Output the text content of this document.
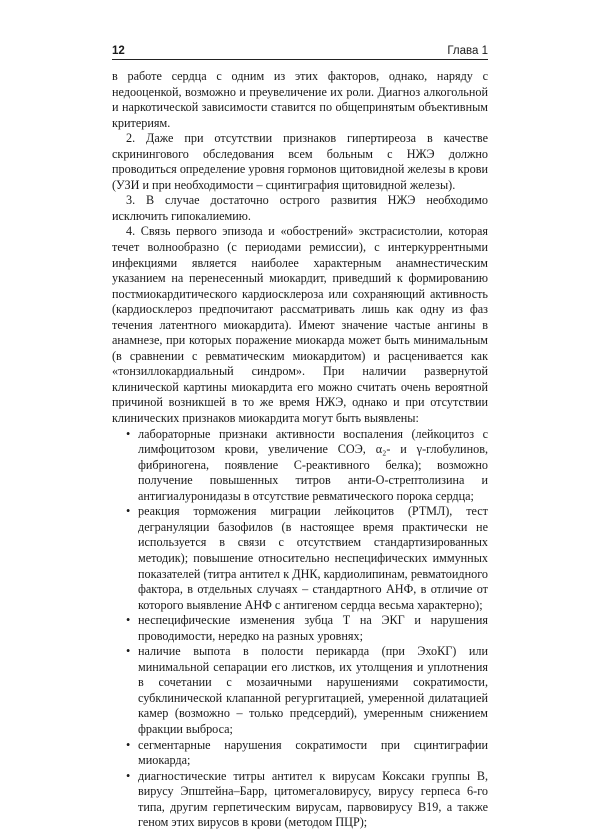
12	Глава 1

в работе сердца с одним из этих факторов, однако, наряду с недооценкой, возможно и преувеличение их роли. Диагноз алкогольной и наркотической зависимости ставится по общепринятым объективным критериям.

2. Даже при отсутствии признаков гипертиреоза в качестве скринингового обследования всем больным с НЖЭ должно проводиться определение уровня гормонов щитовидной железы в крови (УЗИ и при необходимости – сцинтиграфия щитовидной железы).

3. В случае достаточно острого развития НЖЭ необходимо исключить гипокалиемию.

4. Связь первого эпизода и «обострений» экстрасистолии, которая течет волнообразно (с периодами ремиссии), с интеркуррентными инфекциями является наиболее характерным анамнестическим указанием на перенесенный миокардит, приведший к формированию постмиокардитического кардиосклероза или сохраняющий активность (кардиосклероз предпочитают рассматривать лишь как одну из фаз течения латентного миокардита). Имеют значение частые ангины в анамнезе, при которых поражение миокарда может быть минимальным (в сравнении с ревматическим миокардитом) и расценивается как «тонзиллокардиальный синдром». При наличии развернутой клинической картины миокардита его можно считать очень вероятной причиной возникшей в то же время НЖЭ, однако и при отсутствии клинических признаков миокардита могут быть выявлены:

• лабораторные признаки активности воспаления (лейкоцитоз с лимфоцитозом крови, увеличение СОЭ, α₂- и γ-глобулинов, фибриногена, появление С-реактивного белка); возможно получение повышенных титров анти-О-стрептолизина и антигиалуронидазы в отсутствие ревматического порока сердца;
• реакция торможения миграции лейкоцитов (РТМЛ), тест дегрануляции базофилов (в настоящее время практически не используется в связи с отсутствием стандартизированных методик); повышение относительно неспецифических иммунных показателей (титра антител к ДНК, кардиолипинам, ревматоидного фактора, в отдельных случаях – стандартного АНФ, в отличие от которого выявление АНФ с антигеном сердца весьма характерно);
• неспецифические изменения зубца Т на ЭКГ и нарушения проводимости, нередко на разных уровнях;
• наличие выпота в полости перикарда (при ЭхоКГ) или минимальной сепарации его листков, их утолщения и уплотнения в сочетании с мозаичными нарушениями сократимости, субклинической клапанной регургитацией, умеренной дилатацией камер (возможно – только предсердий), умеренным снижением фракции выброса;
• сегментарные нарушения сократимости при сцинтиграфии миокарда;
• диагностические титры антител к вирусам Коксаки группы В, вирусу Эпштейна–Барр, цитомегаловирусу, вирусу герпеса 6-го типа, другим герпетическим вирусам, парвовирусу В19, а также геном этих вирусов в крови (методом ПЦР);
